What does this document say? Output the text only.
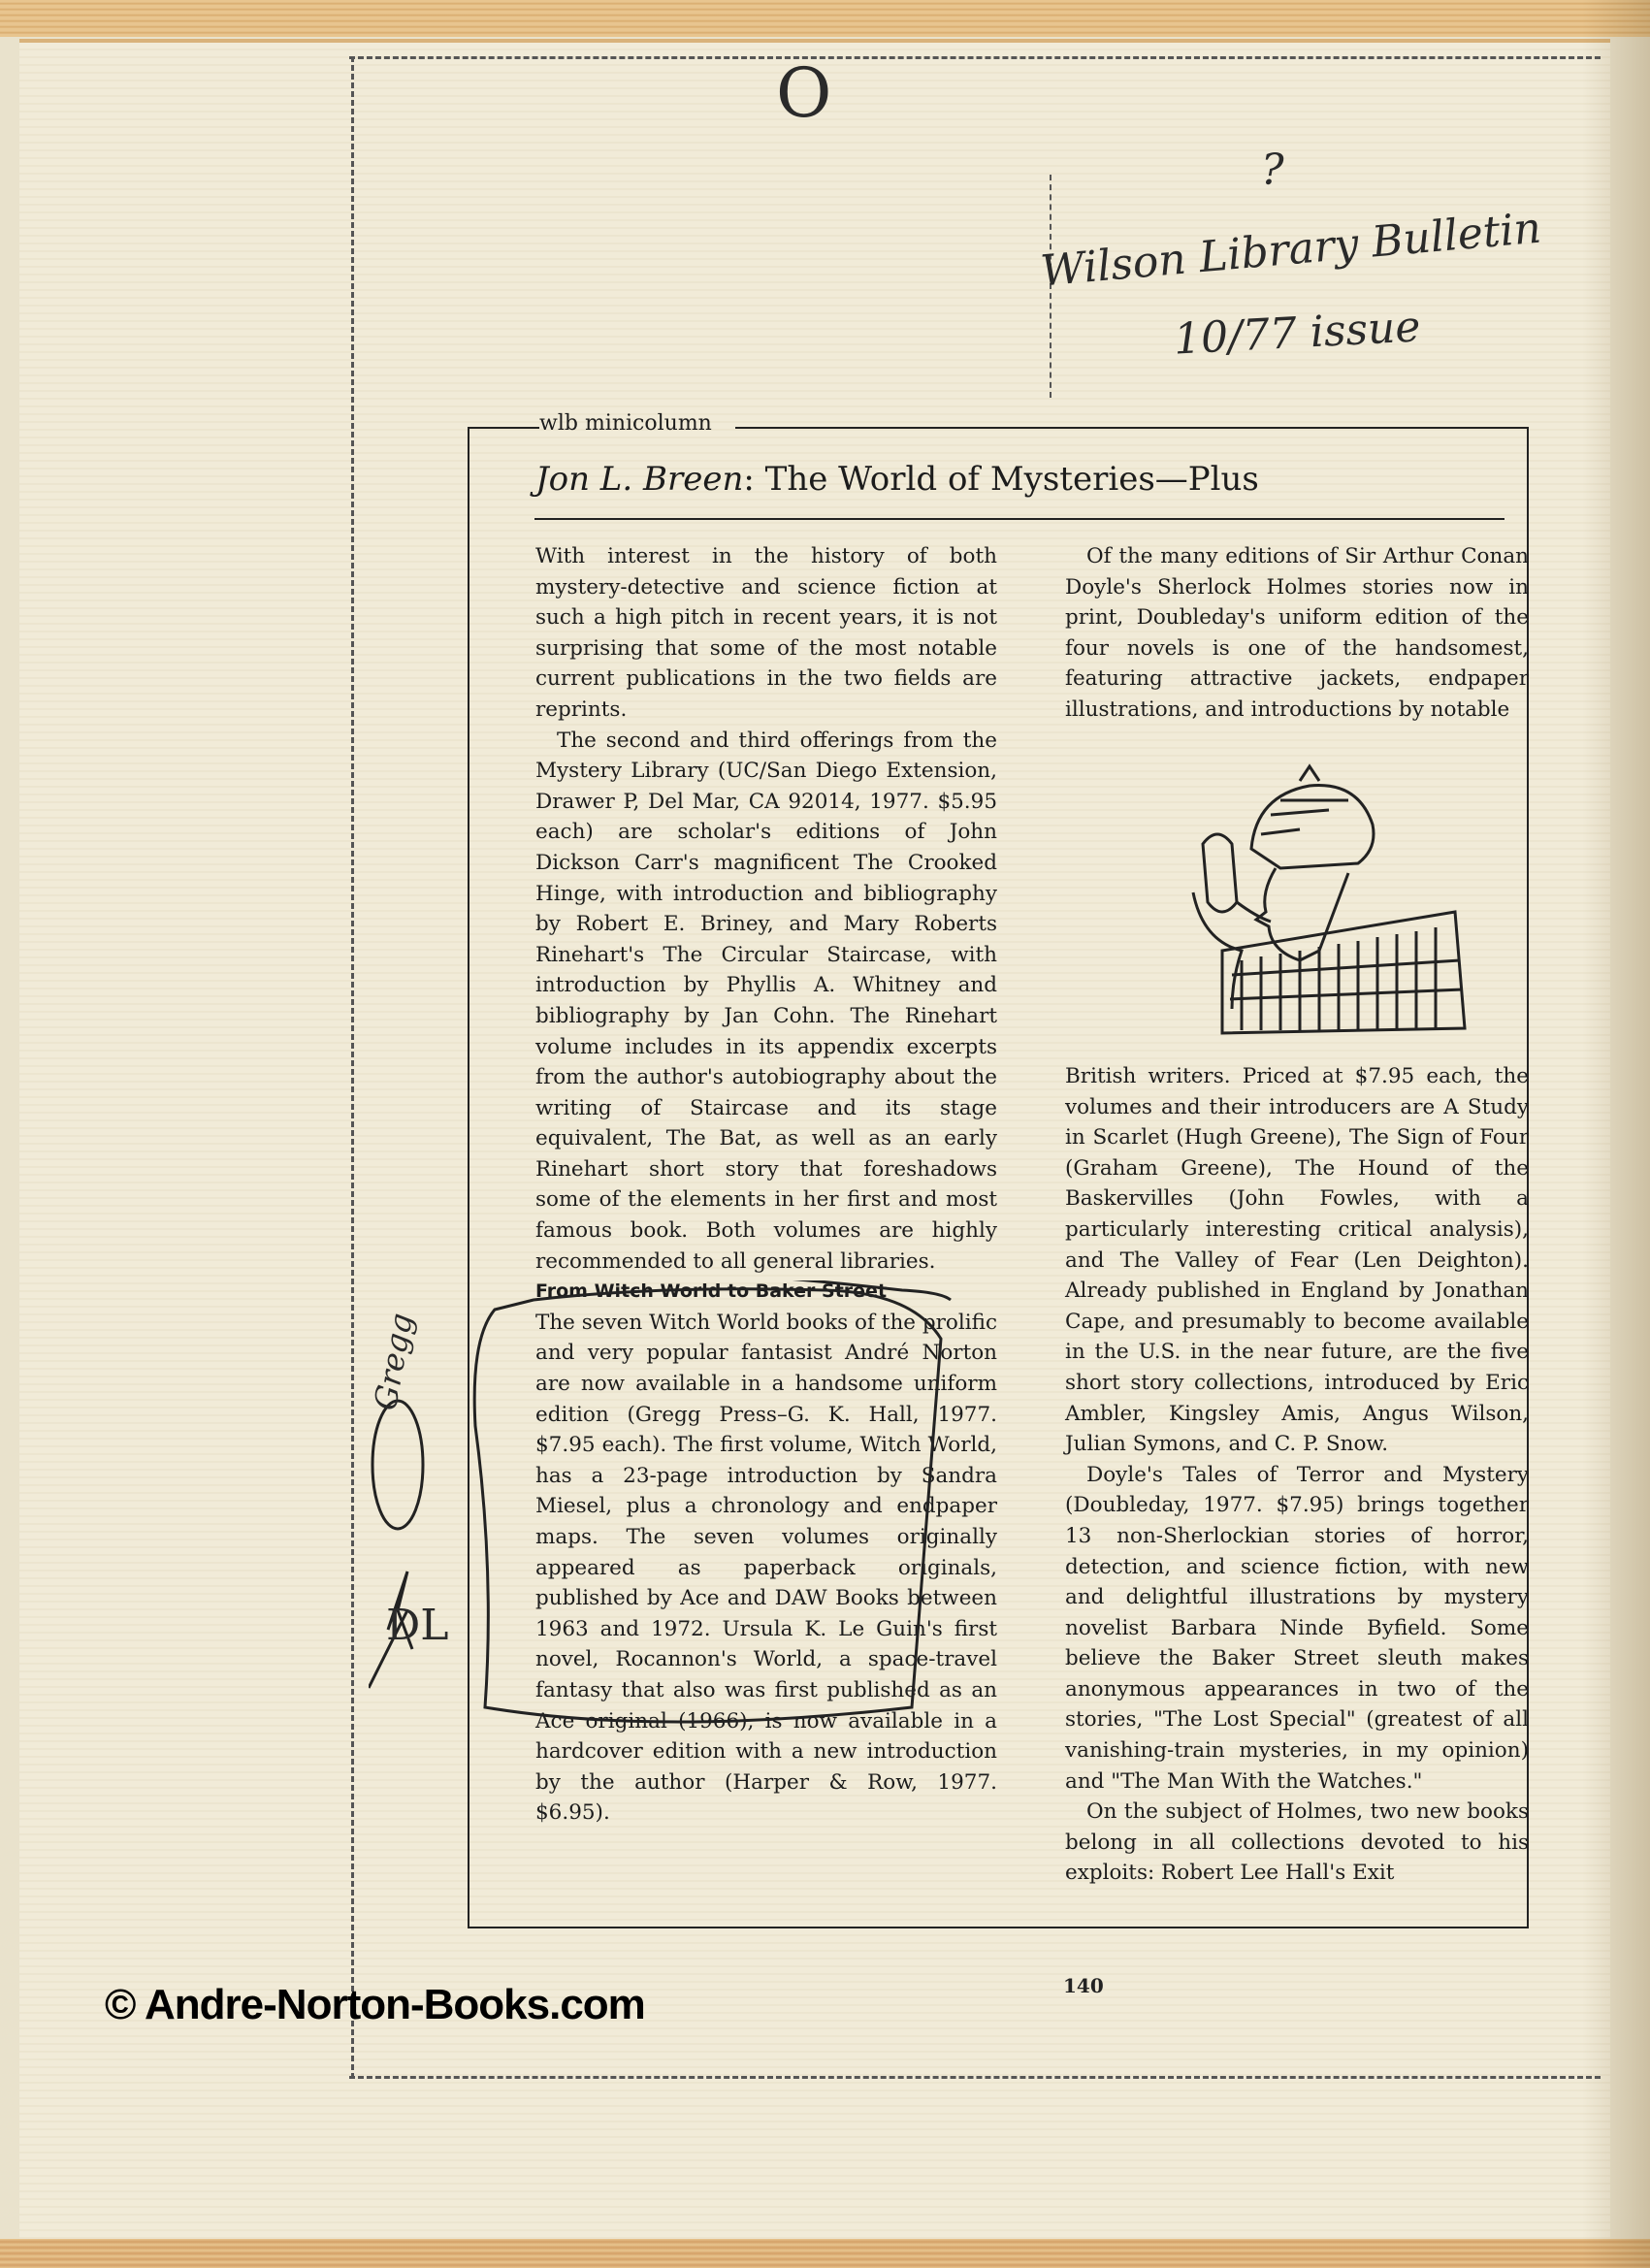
O
?
Wilson Library Bulletin
10/77 issue
wlb minicolumn
Jon L. Breen: The World of Mysteries—Plus

With interest in the history of both mystery-detective and science fiction at such a high pitch in recent years, it is not surprising that some of the most notable current publications in the two fields are reprints.

The second and third offerings from the Mystery Library (UC/San Diego Extension, Drawer P, Del Mar, CA 92014, 1977. $5.95 each) are scholar's editions of John Dickson Carr's magnificent The Crooked Hinge, with introduction and bibliography by Robert E. Briney, and Mary Roberts Rinehart's The Circular Staircase, with introduction by Phyllis A. Whitney and bibliography by Jan Cohn. The Rinehart volume includes in its appendix excerpts from the author's autobiography about the writing of Staircase and its stage equivalent, The Bat, as well as an early Rinehart short story that foreshadows some of the elements in her first and most famous book. Both volumes are highly recommended to all general libraries.

From Witch World to Baker Street

The seven Witch World books of the prolific and very popular fantasist André Norton are now available in a handsome uniform edition (Gregg Press–G. K. Hall, 1977. $7.95 each). The first volume, Witch World, has a 23-page introduction by Sandra Miesel, plus a chronology and endpaper maps. The seven volumes originally appeared as paperback originals, published by Ace and DAW Books between 1963 and 1972. Ursula K. Le Guin's first novel, Rocannon's World, a space-travel fantasy that also was first published as an Ace original (1966), is now available in a hardcover edition with a new introduction by the author (Harper & Row, 1977. $6.95).

Of the many editions of Sir Arthur Conan Doyle's Sherlock Holmes stories now in print, Doubleday's uniform edition of the four novels is one of the handsomest, featuring attractive jackets, endpaper illustrations, and introductions by notable

British writers. Priced at $7.95 each, the volumes and their introducers are A Study in Scarlet (Hugh Greene), The Sign of Four (Graham Greene), The Hound of the Baskervilles (John Fowles, with a particularly interesting critical analysis), and The Valley of Fear (Len Deighton). Already published in England by Jonathan Cape, and presumably to become available in the U.S. in the near future, are the five short story collections, introduced by Eric Ambler, Kingsley Amis, Angus Wilson, Julian Symons, and C. P. Snow.

Doyle's Tales of Terror and Mystery (Doubleday, 1977. $7.95) brings together 13 non-Sherlockian stories of horror, detection, and science fiction, with new and delightful illustrations by mystery novelist Barbara Ninde Byfield. Some believe the Baker Street sleuth makes anonymous appearances in two of the stories, "The Lost Special" (greatest of all vanishing-train mysteries, in my opinion) and "The Man With the Watches."

On the subject of Holmes, two new books belong in all collections devoted to his exploits: Robert Lee Hall's Exit

Gregg
DL
140
© Andre-Norton-Books.com
